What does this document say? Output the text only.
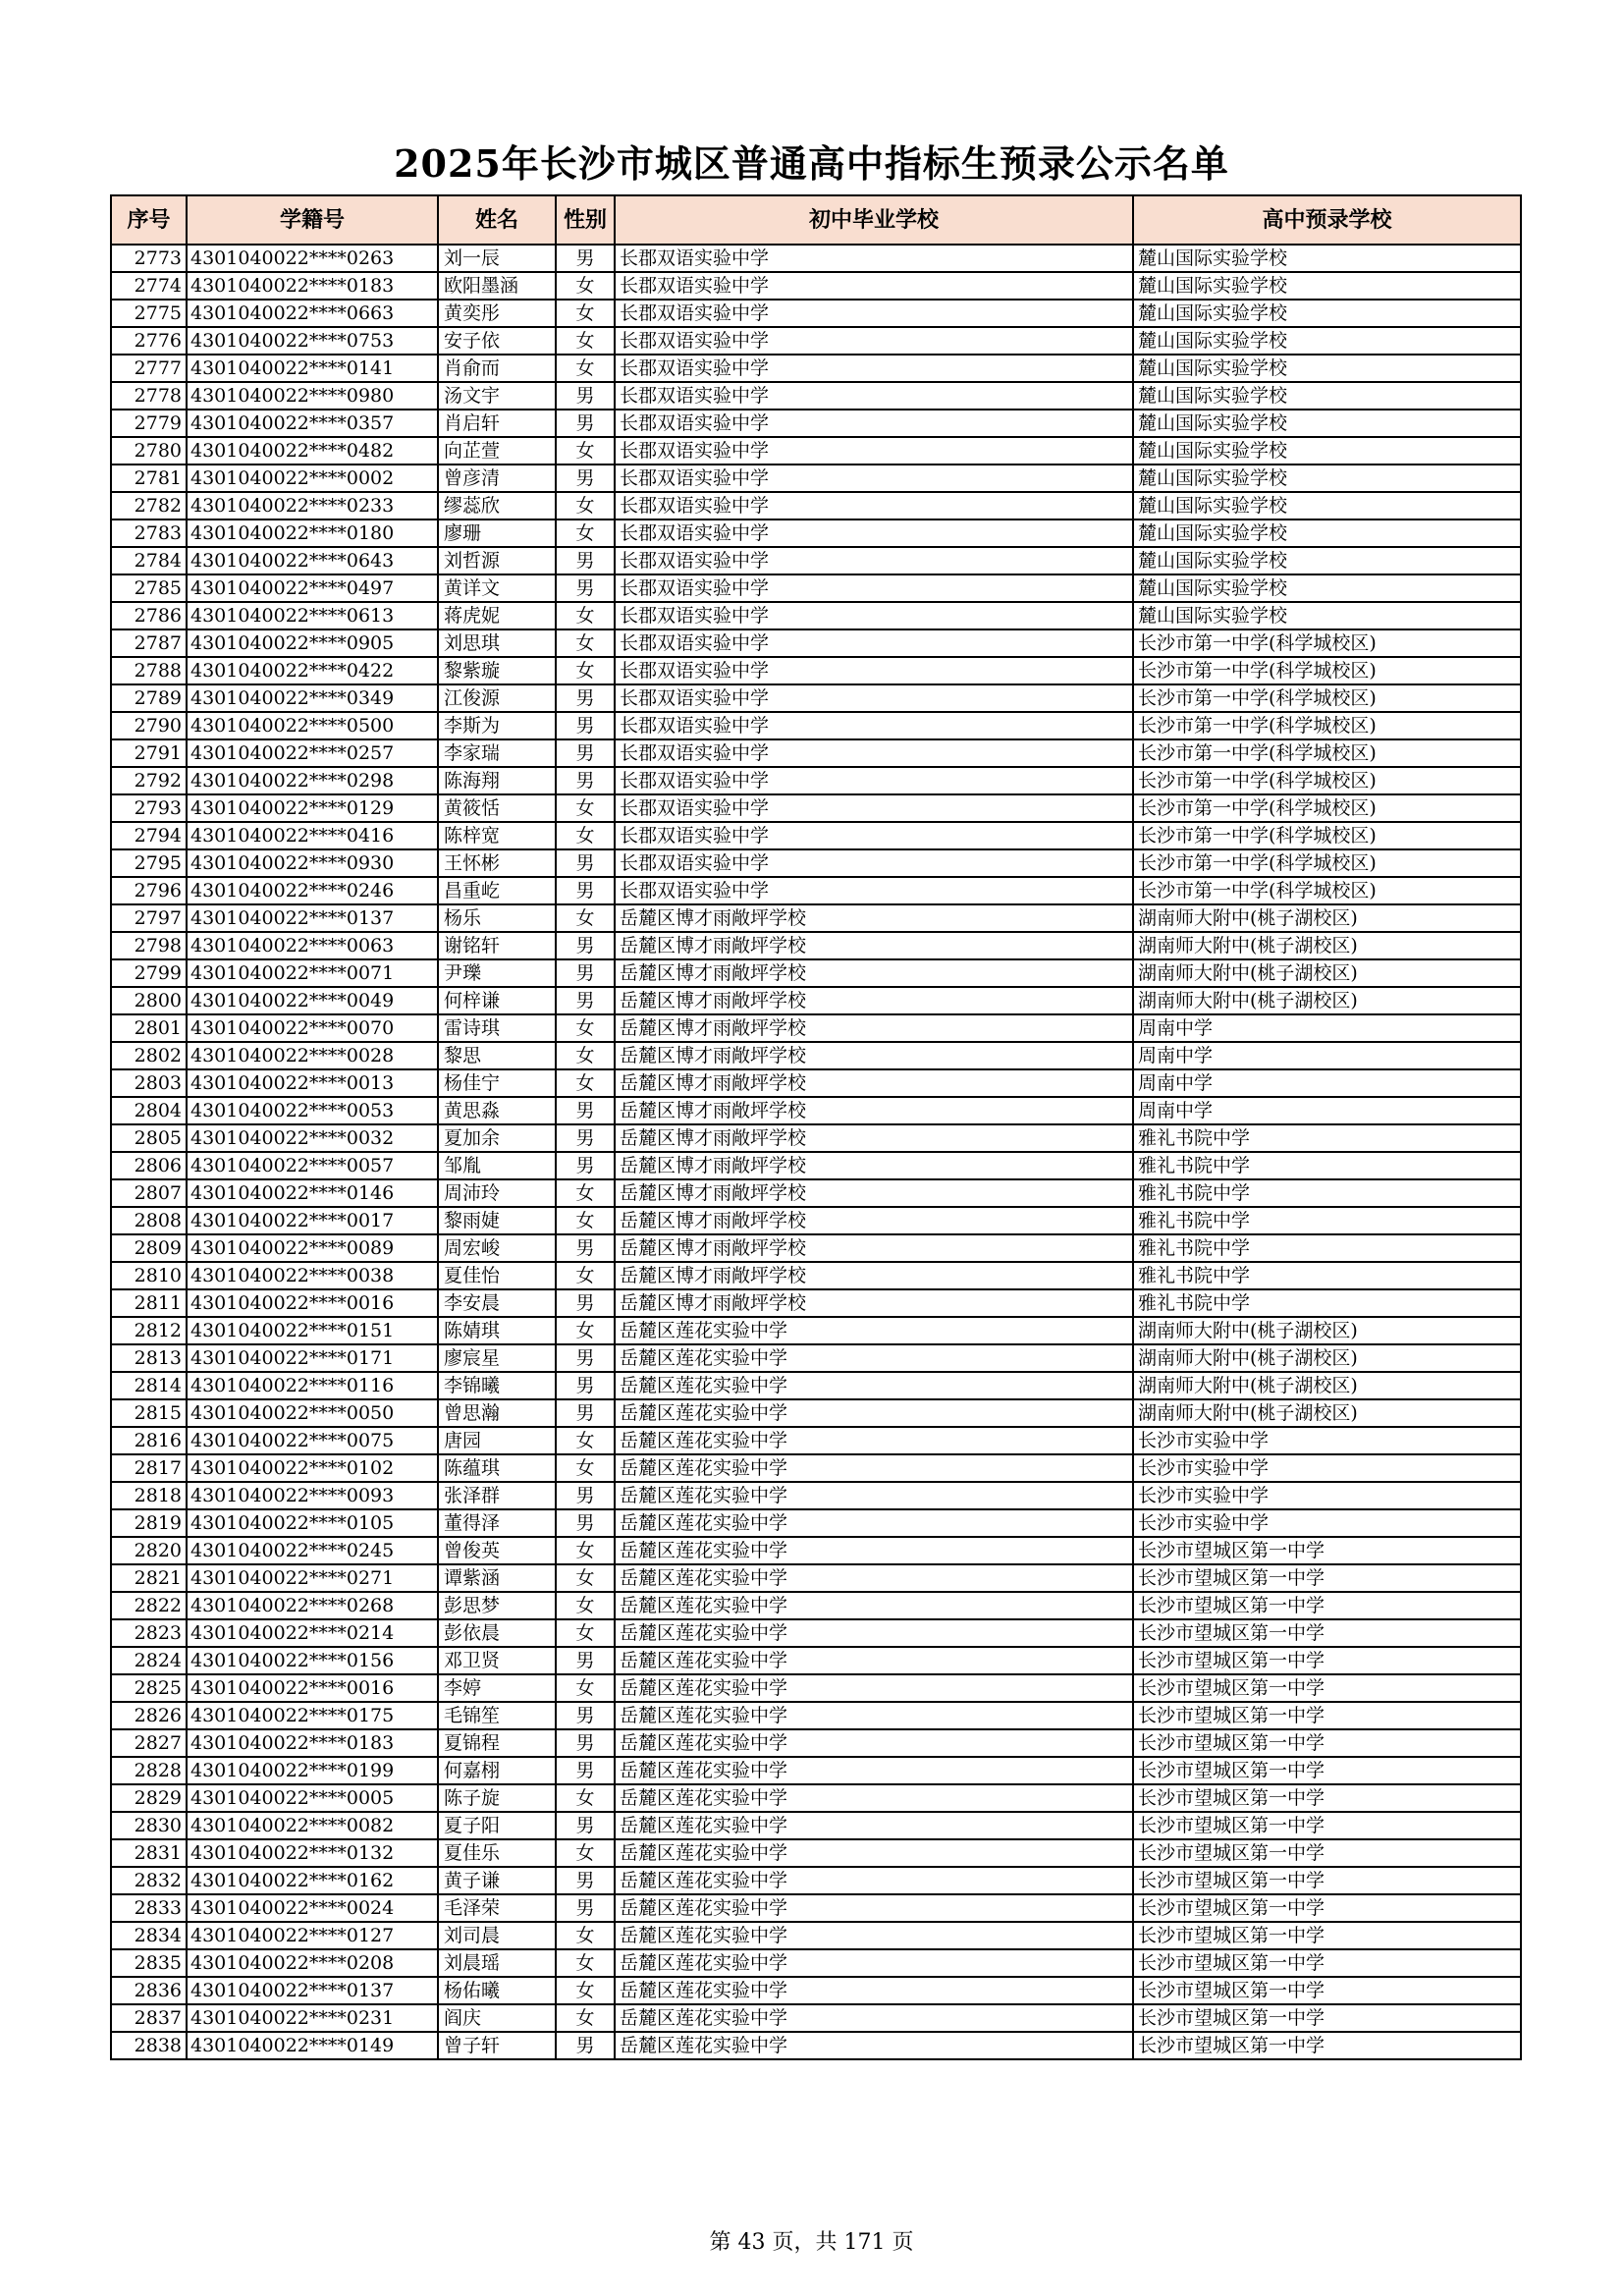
2025年长沙市城区普通高中指标生预录公示名单
序号	学籍号	姓名	性别	初中毕业学校	高中预录学校
2773	4301040022****0263	刘一辰	男	长郡双语实验中学	麓山国际实验学校
2774	4301040022****0183	欧阳墨涵	女	长郡双语实验中学	麓山国际实验学校
2775	4301040022****0663	黄奕彤	女	长郡双语实验中学	麓山国际实验学校
2776	4301040022****0753	安子依	女	长郡双语实验中学	麓山国际实验学校
2777	4301040022****0141	肖俞而	女	长郡双语实验中学	麓山国际实验学校
2778	4301040022****0980	汤文宇	男	长郡双语实验中学	麓山国际实验学校
2779	4301040022****0357	肖启轩	男	长郡双语实验中学	麓山国际实验学校
2780	4301040022****0482	向芷萱	女	长郡双语实验中学	麓山国际实验学校
2781	4301040022****0002	曾彦清	男	长郡双语实验中学	麓山国际实验学校
2782	4301040022****0233	缪蕊欣	女	长郡双语实验中学	麓山国际实验学校
2783	4301040022****0180	廖珊	女	长郡双语实验中学	麓山国际实验学校
2784	4301040022****0643	刘哲源	男	长郡双语实验中学	麓山国际实验学校
2785	4301040022****0497	黄详文	男	长郡双语实验中学	麓山国际实验学校
2786	4301040022****0613	蒋虎妮	女	长郡双语实验中学	麓山国际实验学校
2787	4301040022****0905	刘思琪	女	长郡双语实验中学	长沙市第一中学(科学城校区)
2788	4301040022****0422	黎紫璇	女	长郡双语实验中学	长沙市第一中学(科学城校区)
2789	4301040022****0349	江俊源	男	长郡双语实验中学	长沙市第一中学(科学城校区)
2790	4301040022****0500	李斯为	男	长郡双语实验中学	长沙市第一中学(科学城校区)
2791	4301040022****0257	李家瑞	男	长郡双语实验中学	长沙市第一中学(科学城校区)
2792	4301040022****0298	陈海翔	男	长郡双语实验中学	长沙市第一中学(科学城校区)
2793	4301040022****0129	黄筱恬	女	长郡双语实验中学	长沙市第一中学(科学城校区)
2794	4301040022****0416	陈梓宽	女	长郡双语实验中学	长沙市第一中学(科学城校区)
2795	4301040022****0930	王怀彬	男	长郡双语实验中学	长沙市第一中学(科学城校区)
2796	4301040022****0246	昌重屹	男	长郡双语实验中学	长沙市第一中学(科学城校区)
2797	4301040022****0137	杨乐	女	岳麓区博才雨敞坪学校	湖南师大附中(桃子湖校区)
2798	4301040022****0063	谢铭轩	男	岳麓区博才雨敞坪学校	湖南师大附中(桃子湖校区)
2799	4301040022****0071	尹瓅	男	岳麓区博才雨敞坪学校	湖南师大附中(桃子湖校区)
2800	4301040022****0049	何梓谦	男	岳麓区博才雨敞坪学校	湖南师大附中(桃子湖校区)
2801	4301040022****0070	雷诗琪	女	岳麓区博才雨敞坪学校	周南中学
2802	4301040022****0028	黎思	女	岳麓区博才雨敞坪学校	周南中学
2803	4301040022****0013	杨佳宁	女	岳麓区博才雨敞坪学校	周南中学
2804	4301040022****0053	黄思淼	男	岳麓区博才雨敞坪学校	周南中学
2805	4301040022****0032	夏加余	男	岳麓区博才雨敞坪学校	雅礼书院中学
2806	4301040022****0057	邹胤	男	岳麓区博才雨敞坪学校	雅礼书院中学
2807	4301040022****0146	周沛玲	女	岳麓区博才雨敞坪学校	雅礼书院中学
2808	4301040022****0017	黎雨婕	女	岳麓区博才雨敞坪学校	雅礼书院中学
2809	4301040022****0089	周宏峻	男	岳麓区博才雨敞坪学校	雅礼书院中学
2810	4301040022****0038	夏佳怡	女	岳麓区博才雨敞坪学校	雅礼书院中学
2811	4301040022****0016	李安晨	男	岳麓区博才雨敞坪学校	雅礼书院中学
2812	4301040022****0151	陈婧琪	女	岳麓区莲花实验中学	湖南师大附中(桃子湖校区)
2813	4301040022****0171	廖宸星	男	岳麓区莲花实验中学	湖南师大附中(桃子湖校区)
2814	4301040022****0116	李锦曦	男	岳麓区莲花实验中学	湖南师大附中(桃子湖校区)
2815	4301040022****0050	曾思瀚	男	岳麓区莲花实验中学	湖南师大附中(桃子湖校区)
2816	4301040022****0075	唐园	女	岳麓区莲花实验中学	长沙市实验中学
2817	4301040022****0102	陈蕴琪	女	岳麓区莲花实验中学	长沙市实验中学
2818	4301040022****0093	张泽群	男	岳麓区莲花实验中学	长沙市实验中学
2819	4301040022****0105	董得泽	男	岳麓区莲花实验中学	长沙市实验中学
2820	4301040022****0245	曾俊英	女	岳麓区莲花实验中学	长沙市望城区第一中学
2821	4301040022****0271	谭紫涵	女	岳麓区莲花实验中学	长沙市望城区第一中学
2822	4301040022****0268	彭思梦	女	岳麓区莲花实验中学	长沙市望城区第一中学
2823	4301040022****0214	彭依晨	女	岳麓区莲花实验中学	长沙市望城区第一中学
2824	4301040022****0156	邓卫贤	男	岳麓区莲花实验中学	长沙市望城区第一中学
2825	4301040022****0016	李婷	女	岳麓区莲花实验中学	长沙市望城区第一中学
2826	4301040022****0175	毛锦笙	男	岳麓区莲花实验中学	长沙市望城区第一中学
2827	4301040022****0183	夏锦程	男	岳麓区莲花实验中学	长沙市望城区第一中学
2828	4301040022****0199	何嘉栩	男	岳麓区莲花实验中学	长沙市望城区第一中学
2829	4301040022****0005	陈子旋	女	岳麓区莲花实验中学	长沙市望城区第一中学
2830	4301040022****0082	夏子阳	男	岳麓区莲花实验中学	长沙市望城区第一中学
2831	4301040022****0132	夏佳乐	女	岳麓区莲花实验中学	长沙市望城区第一中学
2832	4301040022****0162	黄子谦	男	岳麓区莲花实验中学	长沙市望城区第一中学
2833	4301040022****0024	毛泽荣	男	岳麓区莲花实验中学	长沙市望城区第一中学
2834	4301040022****0127	刘司晨	女	岳麓区莲花实验中学	长沙市望城区第一中学
2835	4301040022****0208	刘晨瑶	女	岳麓区莲花实验中学	长沙市望城区第一中学
2836	4301040022****0137	杨佑曦	女	岳麓区莲花实验中学	长沙市望城区第一中学
2837	4301040022****0231	阎庆	女	岳麓区莲花实验中学	长沙市望城区第一中学
2838	4301040022****0149	曾子轩	男	岳麓区莲花实验中学	长沙市望城区第一中学
第 43 页，共 171 页
